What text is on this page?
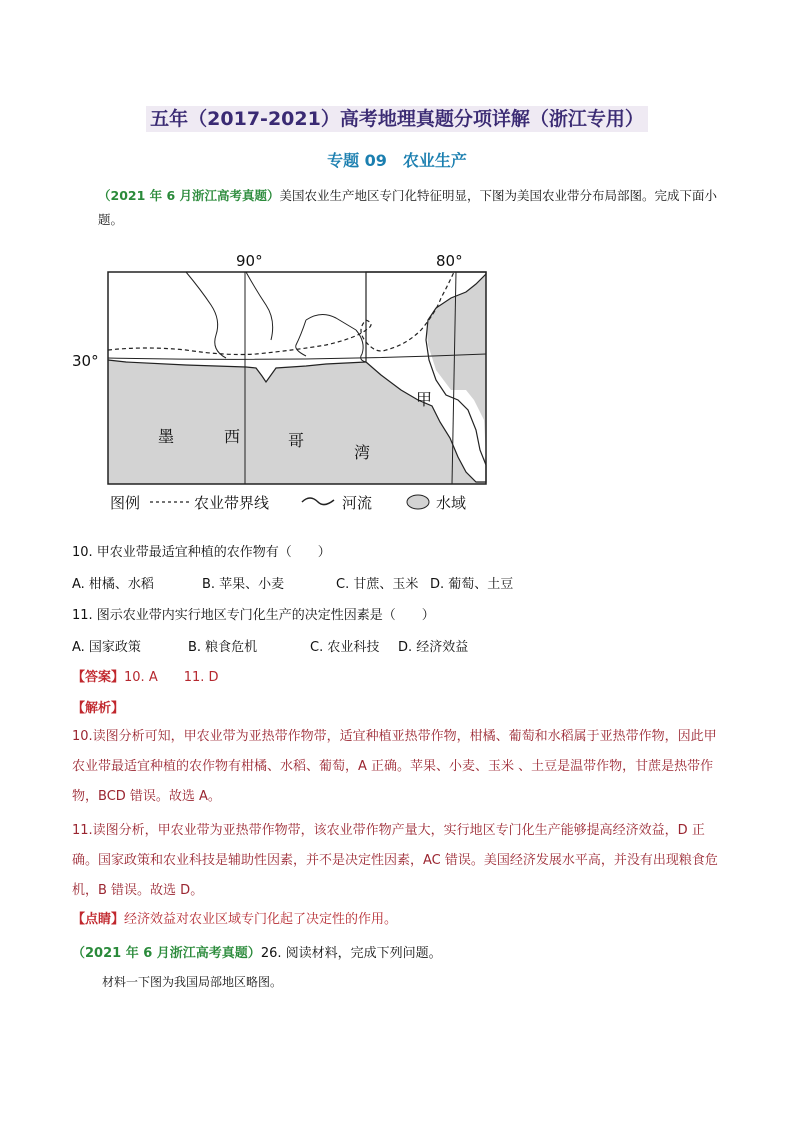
五年（2017-2021）高考地理真题分项详解（浙江专用）
专题 09　农业生产
（2021 年 6 月浙江高考真题）美国农业生产地区专门化特征明显，下图为美国农业带分布局部图。完成下面小题。
90°	80°
30°
甲
墨	西	哥
湾
图例	农业带界线	河流	水域
10. 甲农业带最适宜种植的农作物有（　　）
A. 柑橘、水稻	B. 苹果、小麦	C. 甘蔗、玉米 D. 葡萄、土豆
11. 图示农业带内实行地区专门化生产的决定性因素是（　　）
A. 国家政策	B. 粮食危机	C. 农业科技 D. 经济效益
【答案】10. A　　11. D
【解析】
10.读图分析可知，甲农业带为亚热带作物带，适宜种植亚热带作物，柑橘、葡萄和水稻属于亚热带作物，因此甲农业带最适宜种植的农作物有柑橘、水稻、葡萄，A 正确。苹果、小麦、玉米 、土豆是温带作物，甘蔗是热带作物，BCD 错误。故选 A。
11.读图分析，甲农业带为亚热带作物带，该农业带作物产量大，实行地区专门化生产能够提高经济效益，D 正确。国家政策和农业科技是辅助性因素，并不是决定性因素，AC 错误。美国经济发展水平高，并没有出现粮食危机，B 错误。故选 D。
【点睛】经济效益对农业区域专门化起了决定性的作用。
（2021 年 6 月浙江高考真题）26. 阅读材料，完成下列问题。
材料一下图为我国局部地区略图。
